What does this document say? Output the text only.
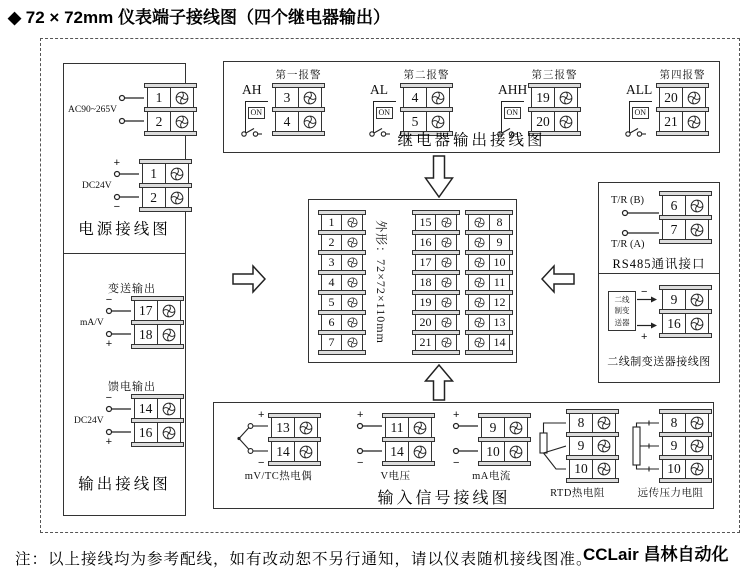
◆ 72 × 72mm 仪表端子接线图（四个继电器输出）
AC90~265V
1
2
DC24V
+
−
1
2
电源接线图
变送输出
mA/V
−
+
17
18
馈电输出
DC24V
−
+
14
16
输出接线图
第一报警
AH
ON
3
4
第二报警
AL
ON
4
5
第三报警
AHH
ON
19
20
第四报警
ALL
ON
20
21
继电器输出接线图
1
2
3
4
5
6
7	外形：72×72×110mm	15
16
17
18
19
20
21
8
9
10
11
12
13
14
T/R (B)	6
7
T/R (A)
RS485通讯接口
二线
制变
送器
−
+
9
16
二线制变送器接线图
+
−
13
14
mV/TC热电偶
+
−
11
14
V电压
+
−
9
10
mA电流
8
9
10
RTD热电阻
8
9
10
远传压力电阻
输入信号接线图
注：以上接线均为参考配线，如有改动恕不另行通知，请以仪表随机接线图准。
CCLair 昌林自动化
